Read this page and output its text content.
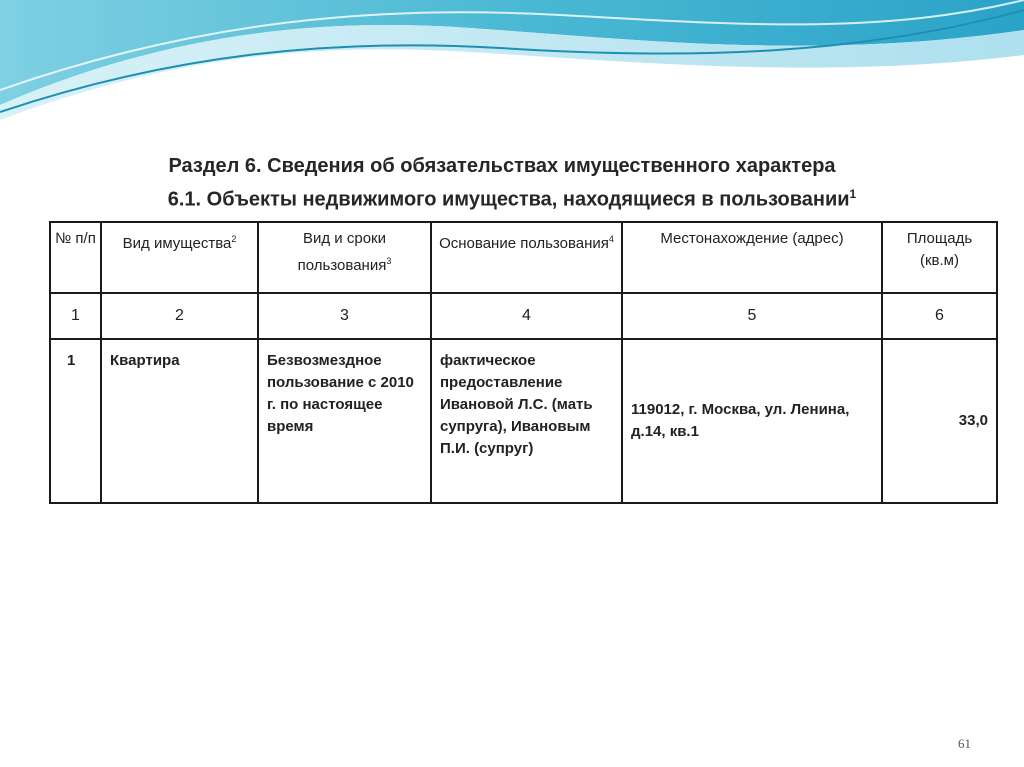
Раздел 6. Сведения об обязательствах имущественного характера
6.1. Объекты недвижимого имущества, находящиеся в пользовании$^1$
№ п/п	Вид имущества$^2$	Вид и сроки пользования$^3$	Основание пользования$^4$	Местонахождение (адрес)	Площадь (кв.м)
1	2	3	4	5	6
1	Квартира	Безвозмездное пользование с 2010 г. по настоящее время	фактическое предоставление Ивановой Л.С. (мать супруга), Ивановым П.И. (супруг)	119012, г. Москва, ул. Ленина, д.14, кв.1	33,0
61
